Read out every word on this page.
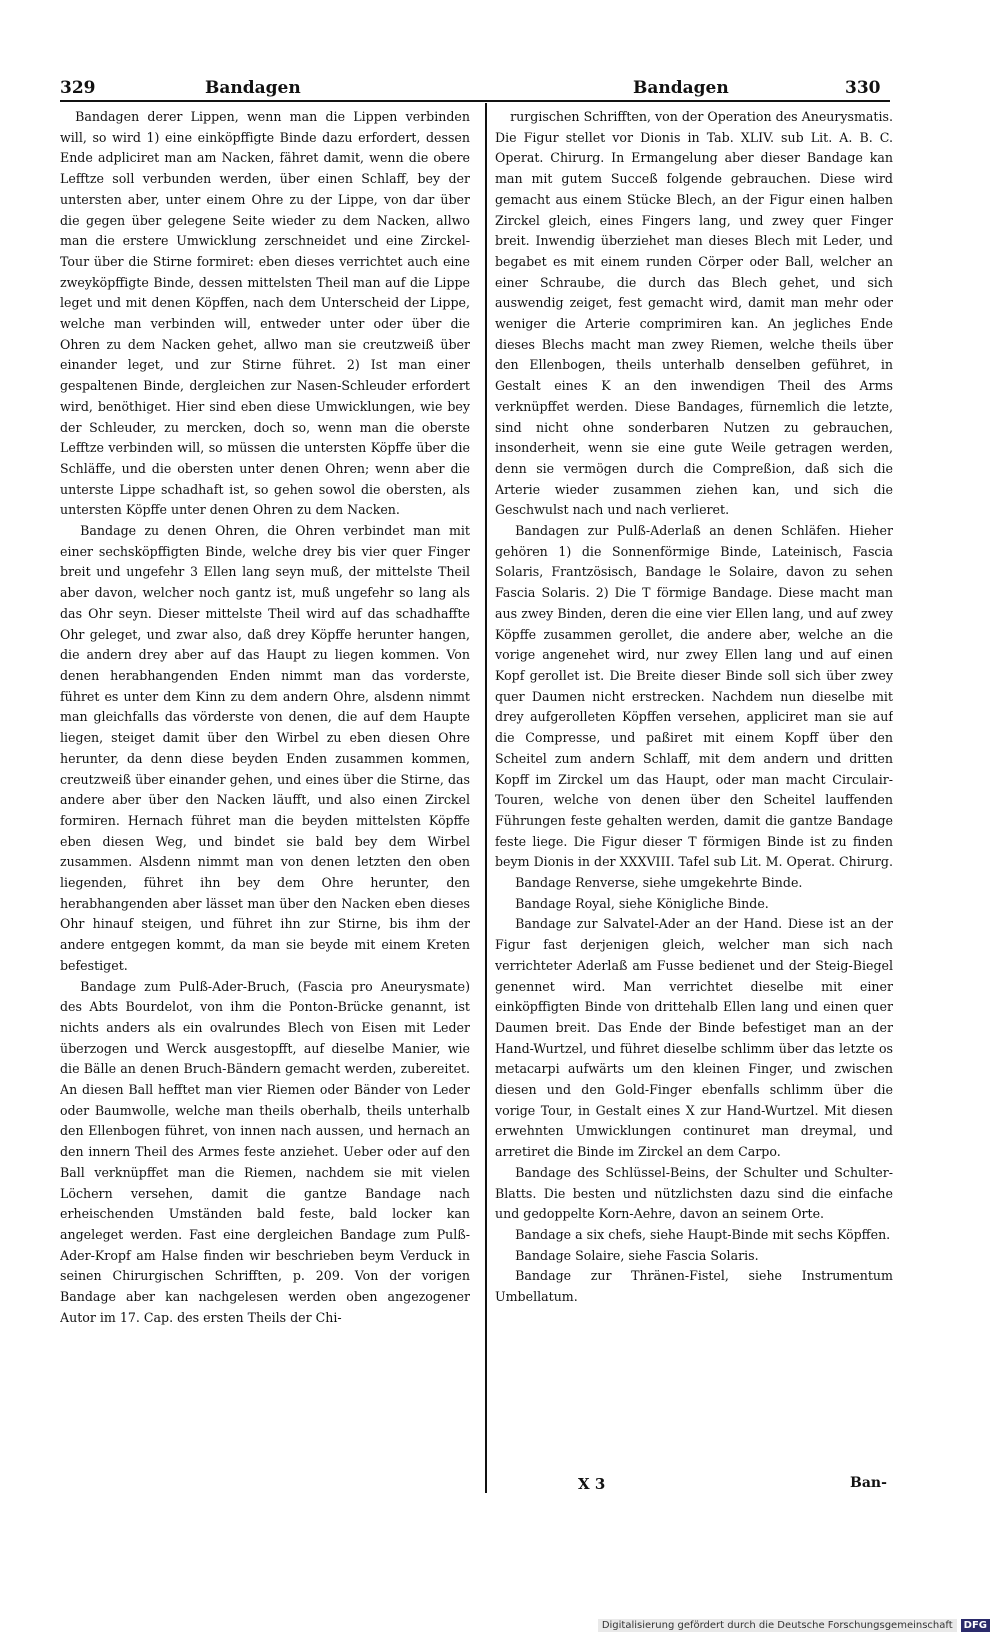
329	Bandagen	Bandagen	330

Bandagen derer Lippen, wenn man die Lippen verbinden will, so wird 1) eine einköpffigte Binde dazu erfordert, dessen Ende adpliciret man am Nacken, fähret damit, wenn die obere Lefftze soll verbunden werden, über einen Schlaff, bey der untersten aber, unter einem Ohre zu der Lippe, von dar über die gegen über gelegene Seite wieder zu dem Nacken, allwo man die erstere Umwicklung zerschneidet und eine Zirckel-Tour über die Stirne formiret: eben dieses verrichtet auch eine zweyköpffigte Binde, dessen mittelsten Theil man auf die Lippe leget und mit denen Köpffen, nach dem Unterscheid der Lippe, welche man verbinden will, entweder unter oder über die Ohren zu dem Nacken gehet, allwo man sie creutzweiß über einander leget, und zur Stirne führet. 2) Ist man einer gespaltenen Binde, dergleichen zur Nasen-Schleuder erfordert wird, benöthiget. Hier sind eben diese Umwicklungen, wie bey der Schleuder, zu mercken, doch so, wenn man die oberste Lefftze verbinden will, so müssen die untersten Köpffe über die Schläffe, und die obersten unter denen Ohren; wenn aber die unterste Lippe schadhaft ist, so gehen sowol die obersten, als untersten Köpffe unter denen Ohren zu dem Nacken.

Bandage zu denen Ohren, die Ohren verbindet man mit einer sechsköpffigten Binde, welche drey bis vier quer Finger breit und ungefehr 3 Ellen lang seyn muß, der mittelste Theil aber davon, welcher noch gantz ist, muß ungefehr so lang als das Ohr seyn. Dieser mittelste Theil wird auf das schadhaffte Ohr geleget, und zwar also, daß drey Köpffe herunter hangen, die andern drey aber auf das Haupt zu liegen kommen. Von denen herabhangenden Enden nimmt man das vorderste, führet es unter dem Kinn zu dem andern Ohre, alsdenn nimmt man gleichfalls das vörderste von denen, die auf dem Haupte liegen, steiget damit über den Wirbel zu eben diesen Ohre herunter, da denn diese beyden Enden zusammen kommen, creutzweiß über einander gehen, und eines über die Stirne, das andere aber über den Nacken läufft, und also einen Zirckel formiren. Hernach führet man die beyden mittelsten Köpffe eben diesen Weg, und bindet sie bald bey dem Wirbel zusammen. Alsdenn nimmt man von denen letzten den oben liegenden, führet ihn bey dem Ohre herunter, den herabhangenden aber lässet man über den Nacken eben dieses Ohr hinauf steigen, und führet ihn zur Stirne, bis ihm der andere entgegen kommt, da man sie beyde mit einem Kreten befestiget.

Bandage zum Pulß-Ader-Bruch, (Fascia pro Aneurysmate) des Abts Bourdelot, von ihm die Ponton-Brücke genannt, ist nichts anders als ein ovalrundes Blech von Eisen mit Leder überzogen und Werck ausgestopfft, auf dieselbe Manier, wie die Bälle an denen Bruch-Bändern gemacht werden, zubereitet. An diesen Ball hefftet man vier Riemen oder Bänder von Leder oder Baumwolle, welche man theils oberhalb, theils unterhalb den Ellenbogen führet, von innen nach aussen, und hernach an den innern Theil des Armes feste anziehet. Ueber oder auf den Ball verknüpffet man die Riemen, nachdem sie mit vielen Löchern versehen, damit die gantze Bandage nach erheischenden Umständen bald feste, bald locker kan angeleget werden. Fast eine dergleichen Bandage zum Pulß-Ader-Kropf am Halse finden wir beschrieben beym Verduck in seinen Chirurgischen Schrifften, p. 209. Von der vorigen Bandage aber kan nachgelesen werden oben angezogener Autor im 17. Cap. des ersten Theils der Chi-

rurgischen Schrifften, von der Operation des Aneurysmatis. Die Figur stellet vor Dionis in Tab. XLIV. sub Lit. A. B. C. Operat. Chirurg. In Ermangelung aber dieser Bandage kan man mit gutem Succeß folgende gebrauchen. Diese wird gemacht aus einem Stücke Blech, an der Figur einen halben Zirckel gleich, eines Fingers lang, und zwey quer Finger breit. Inwendig überziehet man dieses Blech mit Leder, und begabet es mit einem runden Cörper oder Ball, welcher an einer Schraube, die durch das Blech gehet, und sich auswendig zeiget, fest gemacht wird, damit man mehr oder weniger die Arterie comprimiren kan. An jegliches Ende dieses Blechs macht man zwey Riemen, welche theils über den Ellenbogen, theils unterhalb denselben geführet, in Gestalt eines K an den inwendigen Theil des Arms verknüpffet werden. Diese Bandages, fürnemlich die letzte, sind nicht ohne sonderbaren Nutzen zu gebrauchen, insonderheit, wenn sie eine gute Weile getragen werden, denn sie vermögen durch die Compreßion, daß sich die Arterie wieder zusammen ziehen kan, und sich die Geschwulst nach und nach verlieret.

Bandagen zur Pulß-Aderlaß an denen Schläfen. Hieher gehören 1) die Sonnenförmige Binde, Lateinisch, Fascia Solaris, Frantzösisch, Bandage le Solaire, davon zu sehen Fascia Solaris. 2) Die T förmige Bandage. Diese macht man aus zwey Binden, deren die eine vier Ellen lang, und auf zwey Köpffe zusammen gerollet, die andere aber, welche an die vorige angenehet wird, nur zwey Ellen lang und auf einen Kopf gerollet ist. Die Breite dieser Binde soll sich über zwey quer Daumen nicht erstrecken. Nachdem nun dieselbe mit drey aufgerolleten Köpffen versehen, appliciret man sie auf die Compresse, und paßiret mit einem Kopff über den Scheitel zum andern Schlaff, mit dem andern und dritten Kopff im Zirckel um das Haupt, oder man macht Circulair-Touren, welche von denen über den Scheitel lauffenden Führungen feste gehalten werden, damit die gantze Bandage feste liege. Die Figur dieser T förmigen Binde ist zu finden beym Dionis in der XXXVIII. Tafel sub Lit. M. Operat. Chirurg.

Bandage Renverse, siehe umgekehrte Binde.

Bandage Royal, siehe Königliche Binde.

Bandage zur Salvatel-Ader an der Hand. Diese ist an der Figur fast derjenigen gleich, welcher man sich nach verrichteter Aderlaß am Fusse bedienet und der Steig-Biegel genennet wird. Man verrichtet dieselbe mit einer einköpffigten Binde von drittehalb Ellen lang und einen quer Daumen breit. Das Ende der Binde befestiget man an der Hand-Wurtzel, und führet dieselbe schlimm über das letzte os metacarpi aufwärts um den kleinen Finger, und zwischen diesen und den Gold-Finger ebenfalls schlimm über die vorige Tour, in Gestalt eines X zur Hand-Wurtzel. Mit diesen erwehnten Umwicklungen continuret man dreymal, und arretiret die Binde im Zirckel an dem Carpo.

Bandage des Schlüssel-Beins, der Schulter und Schulter-Blatts. Die besten und nützlichsten dazu sind die einfache und gedoppelte Korn-Aehre, davon an seinem Orte.

Bandage a six chefs, siehe Haupt-Binde mit sechs Köpffen.

Bandage Solaire, siehe Fascia Solaris.

Bandage zur Thränen-Fistel, siehe Instrumentum Umbellatum.

X 3	Ban-
Digitalisierung gefördert durch die Deutsche Forschungsgemeinschaft	DFG
